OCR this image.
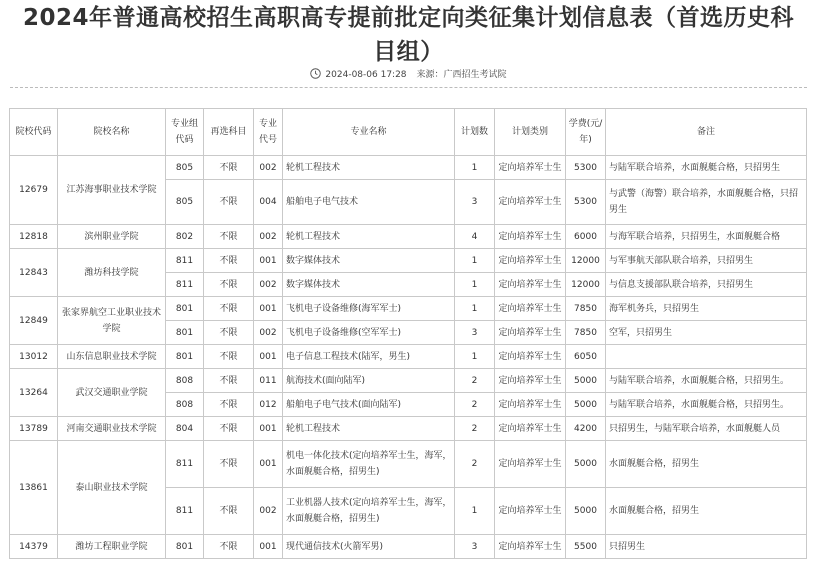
2024年普通高校招生高职高专提前批定向类征集计划信息表（首选历史科
目组）
2024-08-06 17:28 来源：广西招生考试院
院校代码	院校名称	专业组代码	再选科目	专业代号	专业名称	计划数	计划类别	学费(元/年)	备注
12679	江苏海事职业技术学院	805	不限	002	轮机工程技术	1	定向培养军士生	5300	与陆军联合培养，水面舰艇合格，只招男生
		805	不限	004	船舶电子电气技术	3	定向培养军士生	5300	与武警（海警）联合培养，水面舰艇合格，只招男生
12818	滨州职业学院	802	不限	002	轮机工程技术	4	定向培养军士生	6000	与海军联合培养，只招男生，水面舰艇合格
12843	潍坊科技学院	811	不限	001	数字媒体技术	1	定向培养军士生	12000	与军事航天部队联合培养，只招男生
		811	不限	002	数字媒体技术	1	定向培养军士生	12000	与信息支援部队联合培养，只招男生
12849	张家界航空工业职业技术学院	801	不限	001	飞机电子设备维修(海军军士)	1	定向培养军士生	7850	海军机务兵，只招男生
		801	不限	002	飞机电子设备维修(空军军士)	3	定向培养军士生	7850	空军，只招男生
13012	山东信息职业技术学院	801	不限	001	电子信息工程技术(陆军，男生)	1	定向培养军士生	6050	
13264	武汉交通职业学院	808	不限	011	航海技术(面向陆军)	2	定向培养军士生	5000	与陆军联合培养，水面舰艇合格，只招男生。
		808	不限	012	船舶电子电气技术(面向陆军)	2	定向培养军士生	5000	与陆军联合培养，水面舰艇合格，只招男生。
13789	河南交通职业技术学院	804	不限	001	轮机工程技术	2	定向培养军士生	4200	只招男生，与陆军联合培养，水面舰艇人员
13861	泰山职业技术学院	811	不限	001	机电一体化技术(定向培养军士生，海军，水面舰艇合格，招男生)	2	定向培养军士生	5000	水面舰艇合格，招男生
		811	不限	002	工业机器人技术(定向培养军士生，海军，水面舰艇合格，招男生)	1	定向培养军士生	5000	水面舰艇合格，招男生
14379	潍坊工程职业学院	801	不限	001	现代通信技术(火箭军男)	3	定向培养军士生	5500	只招男生
